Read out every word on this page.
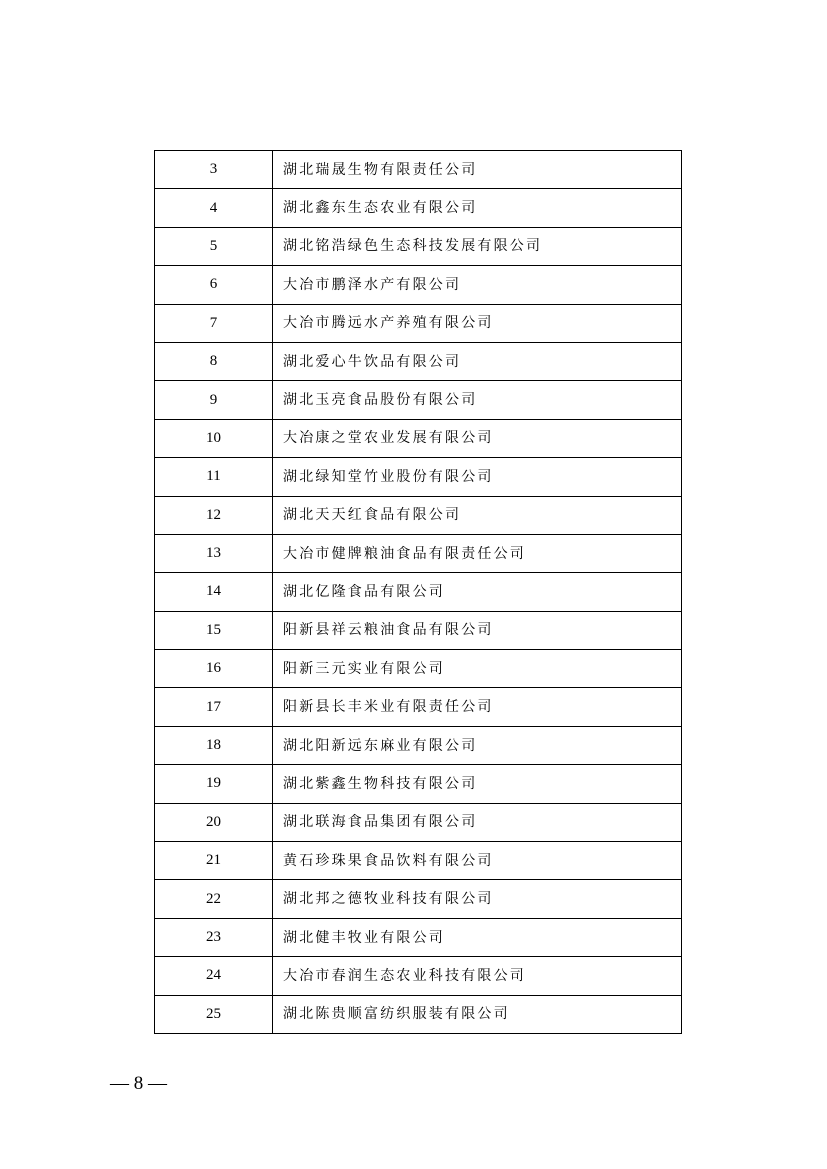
3	湖北瑞晟生物有限责任公司
4	湖北鑫东生态农业有限公司
5	湖北铭浩绿色生态科技发展有限公司
6	大冶市鹏泽水产有限公司
7	大冶市腾远水产养殖有限公司
8	湖北爱心牛饮品有限公司
9	湖北玉亮食品股份有限公司
10	大冶康之堂农业发展有限公司
11	湖北绿知堂竹业股份有限公司
12	湖北天天红食品有限公司
13	大冶市健牌粮油食品有限责任公司
14	湖北亿隆食品有限公司
15	阳新县祥云粮油食品有限公司
16	阳新三元实业有限公司
17	阳新县长丰米业有限责任公司
18	湖北阳新远东麻业有限公司
19	湖北紫鑫生物科技有限公司
20	湖北联海食品集团有限公司
21	黄石珍珠果食品饮料有限公司
22	湖北邦之德牧业科技有限公司
23	湖北健丰牧业有限公司
24	大冶市春润生态农业科技有限公司
25	湖北陈贵顺富纺织服装有限公司
— 8 —
